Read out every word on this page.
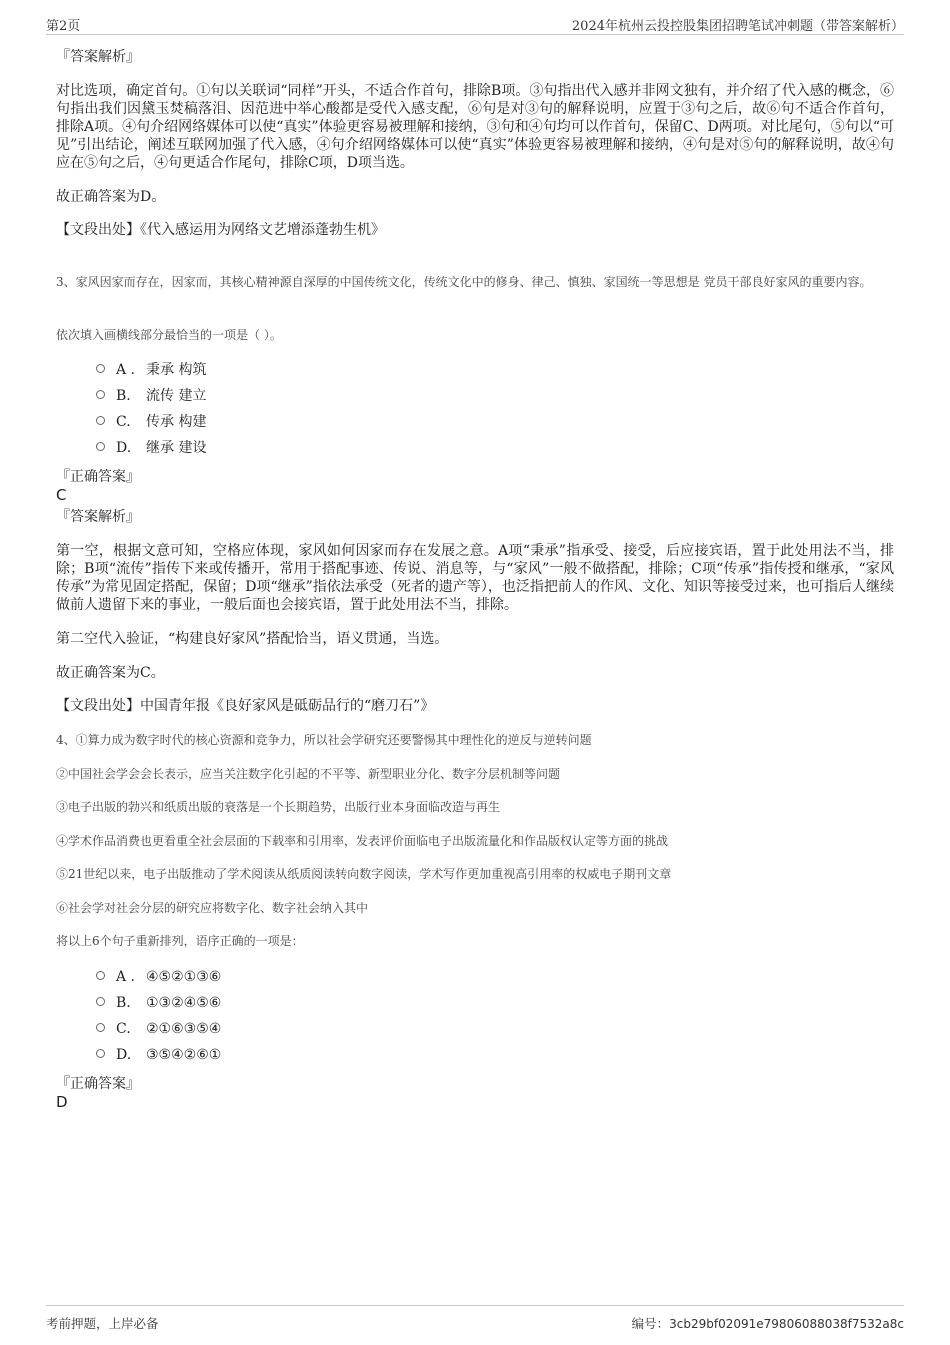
第2页	2024年杭州云投控股集团招聘笔试冲刺题（带答案解析）
『答案解析』
对比选项，确定首句。①句以关联词“同样”开头，不适合作首句，排除B项。③句指出代入感并非网文独有，并介绍了代入感的概念，⑥句指出我们因黛玉焚稿落泪、因范进中举心酸都是受代入感支配，⑥句是对③句的解释说明，应置于③句之后，故⑥句不适合作首句，排除A项。④句介绍网络媒体可以使“真实”体验更容易被理解和接纳，③句和④句均可以作首句，保留C、D两项。对比尾句，⑤句以“可见”引出结论，阐述互联网加强了代入感，④句介绍网络媒体可以使“真实”体验更容易被理解和接纳，④句是对⑤句的解释说明，故④句应在⑤句之后，④句更适合作尾句，排除C项，D项当选。
故正确答案为D。
【文段出处】《代入感运用为网络文艺增添蓬勃生机》
3、家风因家而存在，因家而，其核心精神源自深厚的中国传统文化，传统文化中的修身、律己、慎独、家国统一等思想是 党员干部良好家风的重要内容。
依次填入画横线部分最恰当的一项是（ ）。
A . 秉承 构筑
B. 流传 建立
C. 传承 构建
D. 继承 建设
『正确答案』
C
『答案解析』
第一空，根据文意可知，空格应体现，家风如何因家而存在发展之意。A项“秉承”指承受、接受，后应接宾语，置于此处用法不当，排除；B项“流传”指传下来或传播开，常用于搭配事迹、传说、消息等，与“家风”一般不做搭配，排除；C项“传承”指传授和继承，“家风传承”为常见固定搭配，保留；D项“继承”指依法承受（死者的遗产等），也泛指把前人的作风、文化、知识等接受过来，也可指后人继续做前人遗留下来的事业，一般后面也会接宾语，置于此处用法不当，排除。
第二空代入验证，“构建良好家风”搭配恰当，语义贯通，当选。
故正确答案为C。
【文段出处】中国青年报《良好家风是砥砺品行的“磨刀石”》
4、①算力成为数字时代的核心资源和竞争力，所以社会学研究还要警惕其中理性化的逆反与逆转问题
②中国社会学会会长表示，应当关注数字化引起的不平等、新型职业分化、数字分层机制等问题
③电子出版的勃兴和纸质出版的衰落是一个长期趋势，出版行业本身面临改造与再生
④学术作品消费也更看重全社会层面的下载率和引用率，发表评价面临电子出版流量化和作品版权认定等方面的挑战
⑤21世纪以来，电子出版推动了学术阅读从纸质阅读转向数字阅读，学术写作更加重视高引用率的权威电子期刊文章
⑥社会学对社会分层的研究应将数字化、数字社会纳入其中
将以上6个句子重新排列，语序正确的一项是：
A . ④⑤②①③⑥
B. ①③②④⑤⑥
C. ②①⑥③⑤④
D. ③⑤④②⑥①
『正确答案』
D
考前押题，上岸必备	编号：3cb29bf02091e79806088038f7532a8c
